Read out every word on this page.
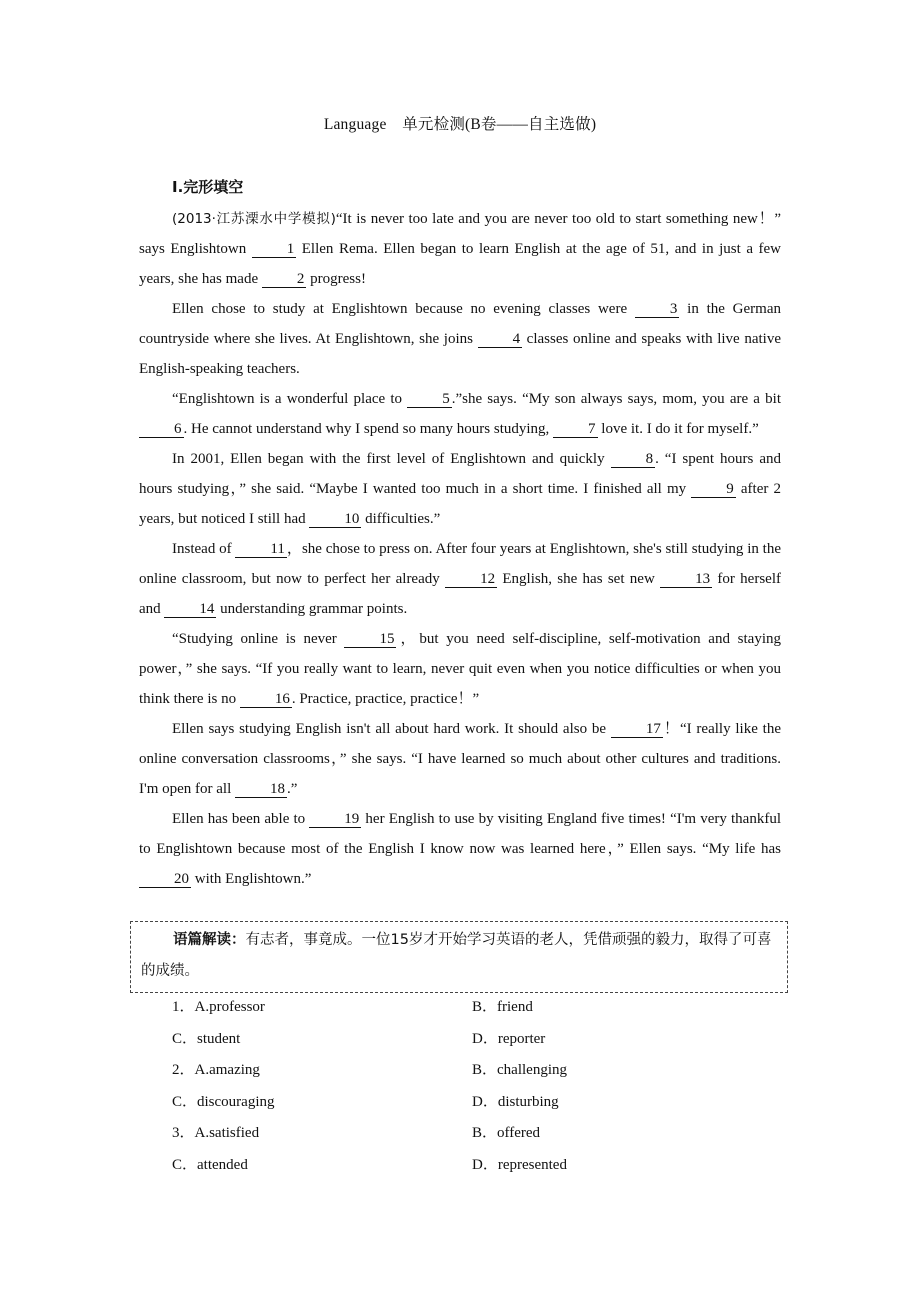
Language　单元检测(B卷——自主选做)
Ⅰ.完形填空

(2013·江苏溧水中学模拟)“It is never too late and you are never too old to start something new！” says Englishtown 1 Ellen Rema. Ellen began to learn English at the age of 51, and in just a few years, she has made 2 progress!

Ellen chose to study at Englishtown because no evening classes were 3 in the German countryside where she lives. At Englishtown, she joins 4 classes online and speaks with live native English-speaking teachers.

“Englishtown is a wonderful place to 5 .”she says. “My son always says, mom, you are a bit 6 . He cannot understand why I spend so many hours studying, 7 love it. I do it for myself.”

In 2001, Ellen began with the first level of Englishtown and quickly 8 . “I spent hours and hours studying，” she said. “Maybe I wanted too much in a short time. I finished all my 9 after 2 years, but noticed I still had 10 difficulties.”

Instead of 11 ，she chose to press on. After four years at Englishtown, she's still studying in the online classroom, but now to perfect her already 12 English, she has set new 13 for herself and 14 understanding grammar points.

“Studying online is never 15 ，but you need self-discipline, self-motivation and staying power，” she says. “If you really want to learn, never quit even when you notice difficulties or when you think there is no 16 . Practice, practice, practice！”

Ellen says studying English isn't all about hard work. It should also be 17 ！“I really like the online conversation classrooms，” she says. “I have learned so much about other cultures and traditions. I'm open for all 18 .”

Ellen has been able to 19 her English to use by visiting England five times! “I'm very thankful to Englishtown because most of the English I know now was learned here，” Ellen says. “My life has 20 with Englishtown.”

语篇解读：有志者，事竟成。一位15岁才开始学习英语的老人，凭借顽强的毅力，取得了可喜的成绩。
1．A.professor	B．friend
C．student	D．reporter
2．A.amazing	B．challenging
C．discouraging	D．disturbing
3．A.satisfied	B．offered
C．attended	D．represented
